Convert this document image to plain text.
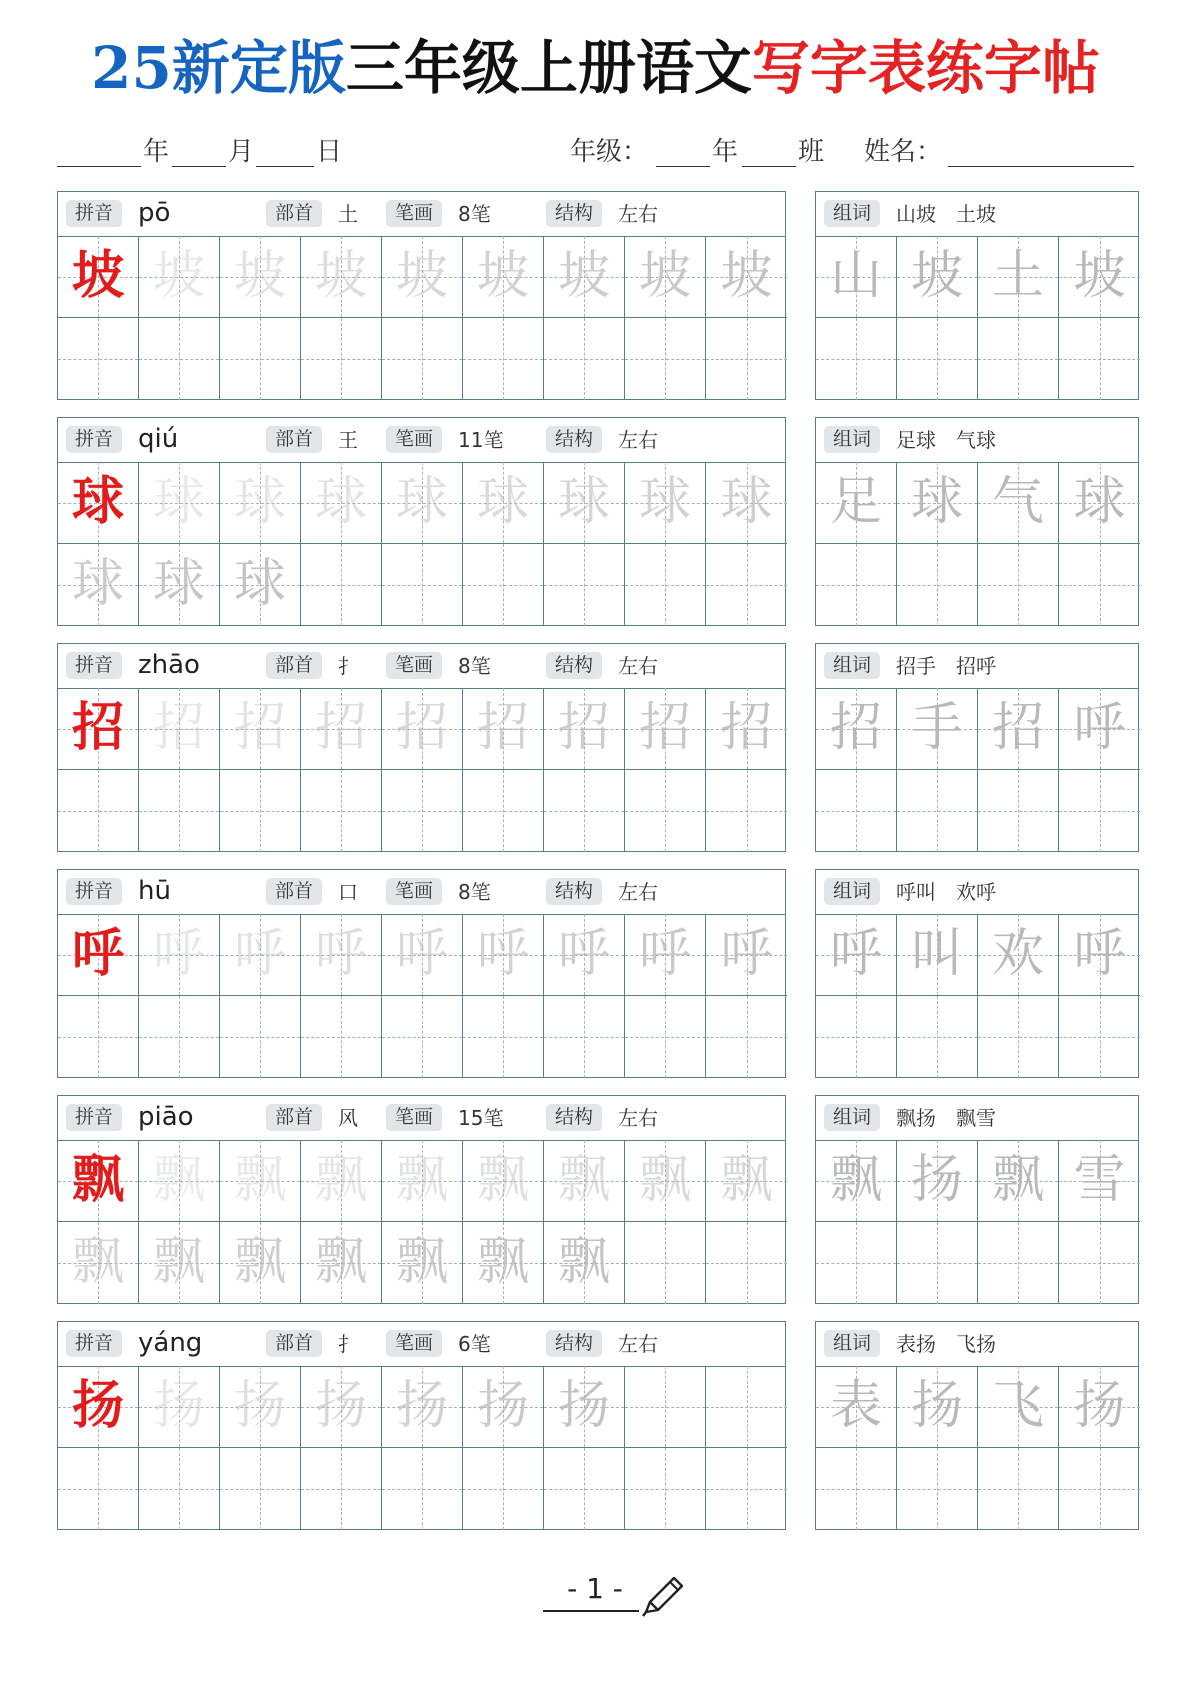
25新定版三年级上册语文写字表练字帖
年 月 日	年级： 年 班 姓名：
拼音 pō	部首	土	笔画	8笔	结构	左右
坡 坡 坡 坡 坡 坡 坡 坡 坡
组词	山坡　土坡
山 坡 土 坡
拼音 qiú	部首	王	笔画	11笔	结构	左右
球 球 球 球 球 球 球 球 球
球 球 球
组词	足球　气球
足 球 气 球
拼音 zhāo	部首	扌	笔画	8笔	结构	左右
招 招 招 招 招 招 招 招 招
组词	招手　招呼
招 手 招 呼
拼音 hū	部首	口	笔画	8笔	结构	左右
呼 呼 呼 呼 呼 呼 呼 呼 呼
组词	呼叫　欢呼
呼 叫 欢 呼
拼音 piāo	部首	风	笔画	15笔	结构	左右
飘 飘 飘 飘 飘 飘 飘 飘 飘
飘 飘 飘 飘 飘 飘 飘
组词	飘扬　飘雪
飘 扬 飘 雪
拼音 yáng	部首	扌	笔画	6笔	结构	左右
扬 扬 扬 扬 扬 扬 扬
组词	表扬　飞扬
表 扬 飞 扬
- 1 -
